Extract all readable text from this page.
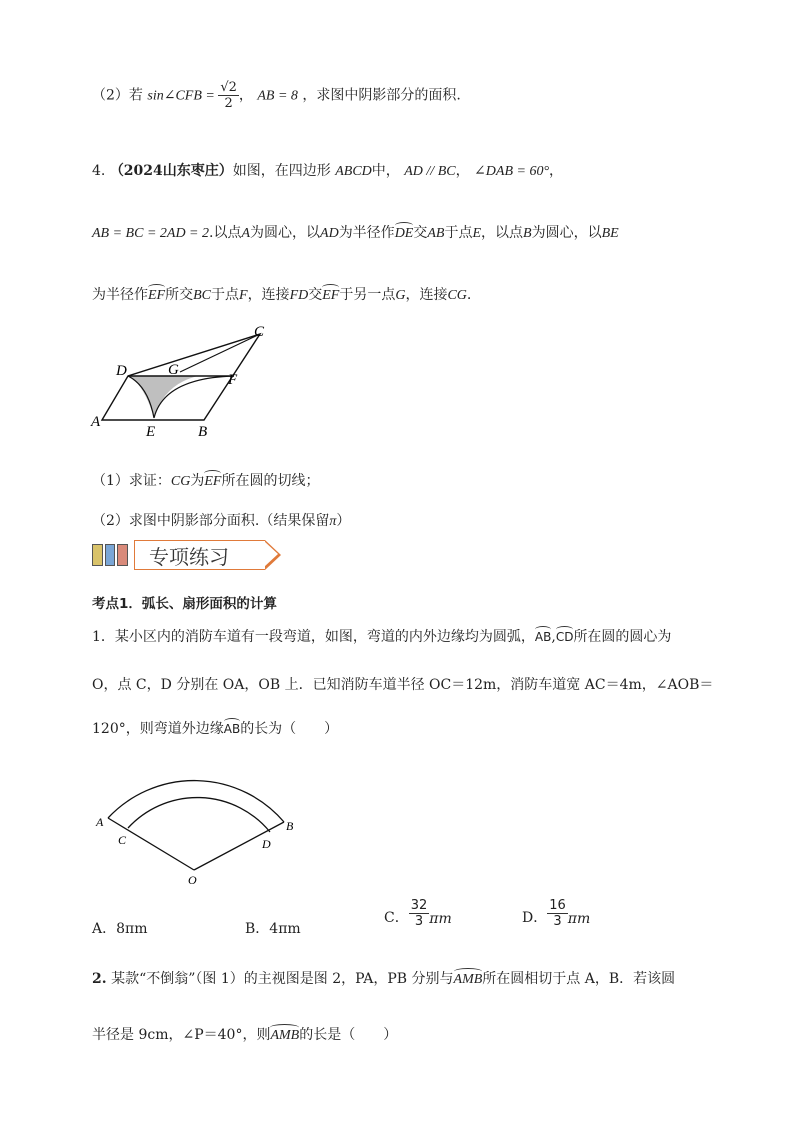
（2）若 sin∠CFB = $\frac{√2}{2}$ ， AB = 8 ，求图中阴影部分的面积.
4. （2024山东枣庄）如图，在四边形 ABCD中， AD // BC， ∠DAB = 60°，
AB = BC = 2AD = 2.以点A为圆心，以AD为半径作DE交AB于点E，以点B为圆心，以BE
为半径作EF所交BC于点F，连接FD交EF于另一点G，连接CG.
C
D	G
F
A
E	B
（1）求证：CG为EF所在圆的切线；
（2）求图中阴影部分面积.（结果保留π）
专项练习
考点1．弧长、扇形面积的计算
1．某小区内的消防车道有一段弯道，如图，弯道的内外边缘均为圆弧，AB,CD所在圆的圆心为
O，点 C，D 分别在 OA，OB 上．已知消防车道半径 OC＝12m，消防车道宽 AC＝4m，∠AOB＝
120°，则弯道外边缘AB的长为（　　）
A
C	D
B
O
A．8πm	B．4πm
C． $\frac{32}{3}$ πm	D． $\frac{16}{3}$ πm
2. 某款“不倒翁”（图 1）的主视图是图 2，PA，PB 分别与AMB所在圆相切于点 A，B．若该圆
半径是 9cm，∠P＝40°，则AMB的长是（　　）
